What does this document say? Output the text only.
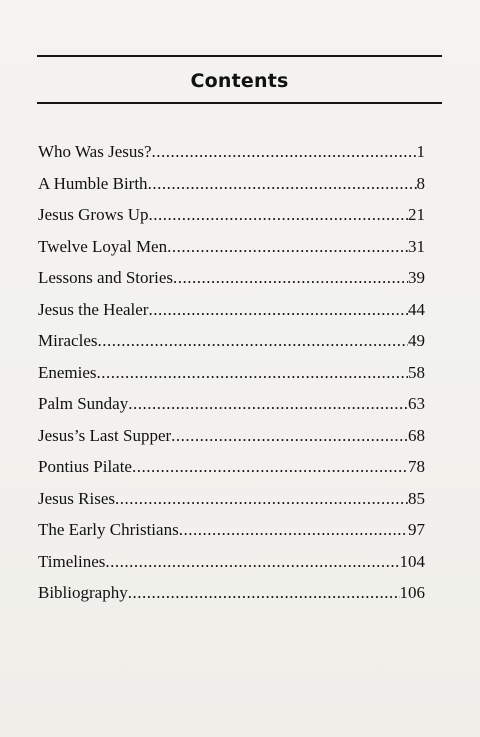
Contents
Who Was Jesus? .....	1
A Humble Birth .....	8
Jesus Grows Up .....	21
Twelve Loyal Men .....	31
Lessons and Stories .....	39
Jesus the Healer .....	44
Miracles .....	49
Enemies .....	58
Palm Sunday .....	63
Jesus’s Last Supper .....	68
Pontius Pilate .....	78
Jesus Rises .....	85
The Early Christians .....	97
Timelines .....	104
Bibliography .....	106
